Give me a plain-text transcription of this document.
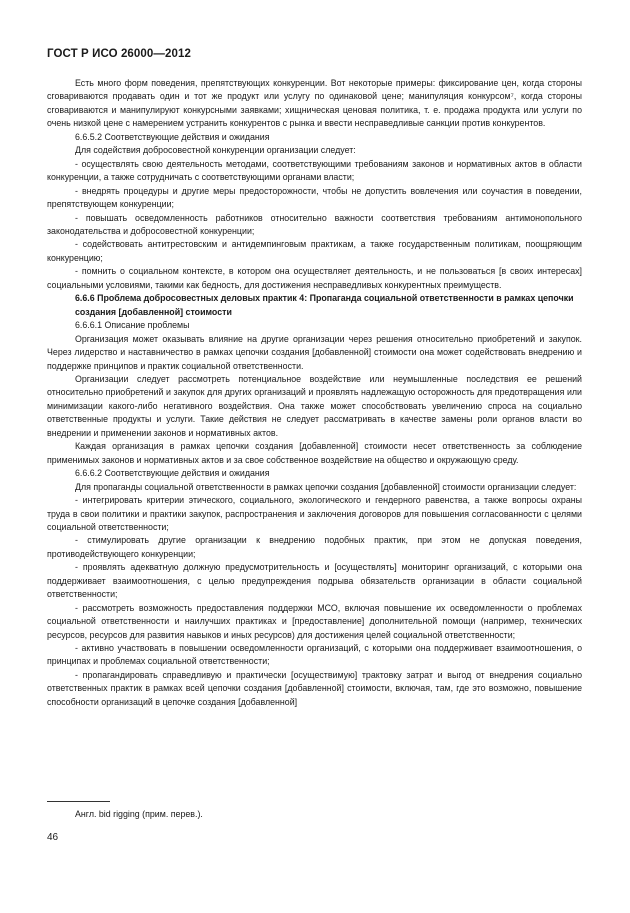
ГОСТ Р ИСО 26000—2012

Есть много форм поведения, препятствующих конкуренции. Вот некоторые примеры: фиксирование цен, когда стороны сговариваются продавать один и тот же продукт или услугу по одинаковой цене; манипуляция конкурсом⁷, когда стороны сговариваются и манипулируют конкурсными заявками; хищническая ценовая политика, т. е. продажа продукта или услуги по очень низкой цене с намерением устранить конкурентов с рынка и ввести несправедливые санкции против конкурентов.

6.6.5.2 Соответствующие действия и ожидания

Для содействия добросовестной конкуренции организации следует:

- осуществлять свою деятельность методами, соответствующими требованиям законов и нормативных актов в области конкуренции, а также сотрудничать с соответствующими органами власти;

- внедрять процедуры и другие меры предосторожности, чтобы не допустить вовлечения или соучастия в поведении, препятствующем конкуренции;

- повышать осведомленность работников относительно важности соответствия требованиям антимонопольного законодательства и добросовестной конкуренции;

- содействовать антитрестовским и антидемпинговым практикам, а также государственным политикам, поощряющим конкуренцию;

- помнить о социальном контексте, в котором она осуществляет деятельность, и не пользоваться [в своих интересах] социальными условиями, такими как бедность, для достижения несправедливых конкурентных преимуществ.

6.6.6 Проблема добросовестных деловых практик 4: Пропаганда социальной ответственности в рамках цепочки создания [добавленной] стоимости

6.6.6.1 Описание проблемы

Организация может оказывать влияние на другие организации через решения относительно приобретений и закупок. Через лидерство и наставничество в рамках цепочки создания [добавленной] стоимости она может содействовать внедрению и поддержке принципов и практик социальной ответственности.

Организации следует рассмотреть потенциальное воздействие или неумышленные последствия ее решений относительно приобретений и закупок для других организаций и проявлять надлежащую осторожность для предотвращения или минимизации какого-либо негативного воздействия. Она также может способствовать увеличению спроса на социально ответственные продукты и услуги. Такие действия не следует рассматривать в качестве замены роли органов власти во внедрении и применении законов и нормативных актов.

Каждая организация в рамках цепочки создания [добавленной] стоимости несет ответственность за соблюдение применимых законов и нормативных актов и за свое собственное воздействие на общество и окружающую среду.

6.6.6.2 Соответствующие действия и ожидания

Для пропаганды социальной ответственности в рамках цепочки создания [добавленной] стоимости организации следует:

- интегрировать критерии этического, социального, экологического и гендерного равенства, а также вопросы охраны труда в свои политики и практики закупок, распространения и заключения договоров для повышения согласованности с целями социальной ответственности;

- стимулировать другие организации к внедрению подобных практик, при этом не допуская поведения, противодействующего конкуренции;

- проявлять адекватную должную предусмотрительность и [осуществлять] мониторинг организаций, с которыми она поддерживает взаимоотношения, с целью предупреждения подрыва обязательств организации в области социальной ответственности;

- рассмотреть возможность предоставления поддержки МСО, включая повышение их осведомленности о проблемах социальной ответственности и наилучших практиках и [предоставление] дополнительной помощи (например, технических ресурсов, ресурсов для развития навыков и иных ресурсов) для достижения целей социальной ответственности;

- активно участвовать в повышении осведомленности организаций, с которыми она поддерживает взаимоотношения, о принципах и проблемах социальной ответственности;

- пропагандировать справедливую и практически [осуществимую] трактовку затрат и выгод от внедрения социально ответственных практик в рамках всей цепочки создания [добавленной] стоимости, включая, там, где это возможно, повышение способности организаций в цепочке создания [добавленной]

Англ. bid rigging (прим. перев.).
46
